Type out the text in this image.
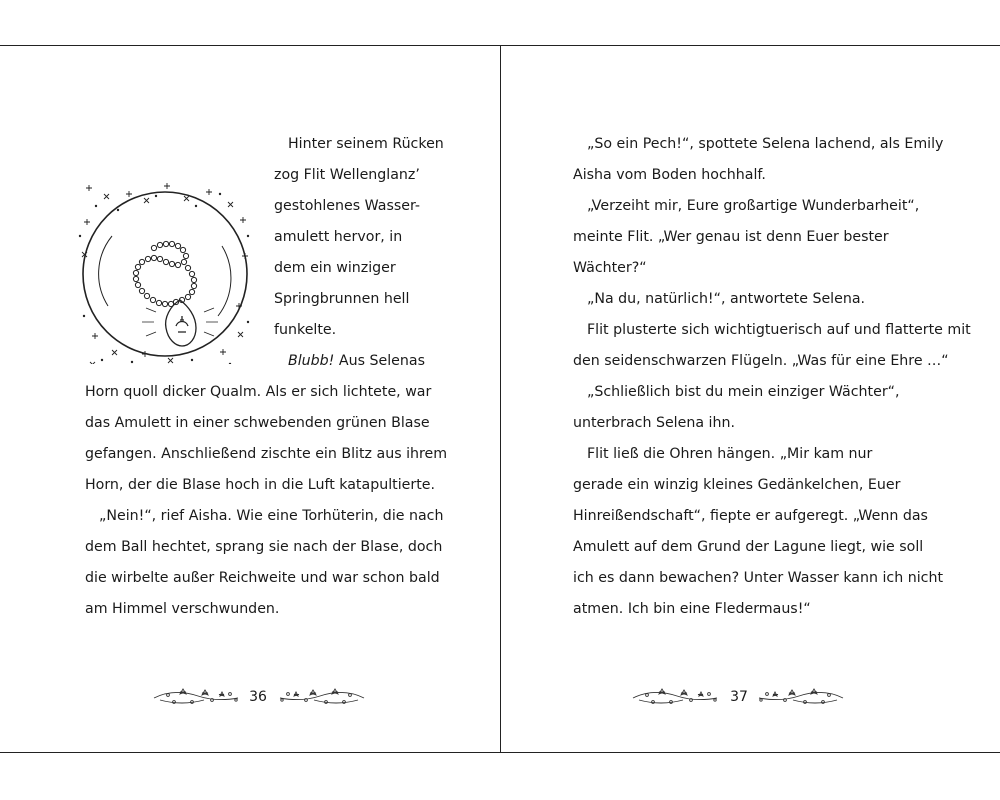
Hinter seinem Rücken
zog Flit Wellenglanz’
gestohlenes Wasser-
amulett hervor, in
dem ein winziger
Springbrunnen hell
funkelte.
Blubb! Aus Selenas
Horn quoll dicker Qualm. Als er sich lichtete, war
das Amulett in einer schwebenden grünen Blase
gefangen. Anschließend zischte ein Blitz aus ihrem
Horn, der die Blase hoch in die Luft katapultierte.
„Nein!“, rief Aisha. Wie eine Torhüterin, die nach
dem Ball hechtet, sprang sie nach der Blase, doch
die wirbelte außer Reichweite und war schon bald
am Himmel verschwunden.
36
„So ein Pech!“, spottete Selena lachend, als Emily
Aisha vom Boden hochhalf.
„Verzeiht mir, Eure großartige Wunderbarheit“,
meinte Flit. „Wer genau ist denn Euer bester
Wächter?“
„Na du, natürlich!“, antwortete Selena.
Flit plusterte sich wichtigtuerisch auf und flatterte mit
den seidenschwarzen Flügeln. „Was für eine Ehre …“
„Schließlich bist du mein einziger Wächter“,
unterbrach Selena ihn.
Flit ließ die Ohren hängen. „Mir kam nur
gerade ein winzig kleines Gedänkelchen, Euer
Hinreißendschaft“, fiepte er aufgeregt. „Wenn das
Amulett auf dem Grund der Lagune liegt, wie soll
ich es dann bewachen? Unter Wasser kann ich nicht
atmen. Ich bin eine Fledermaus!“
37
